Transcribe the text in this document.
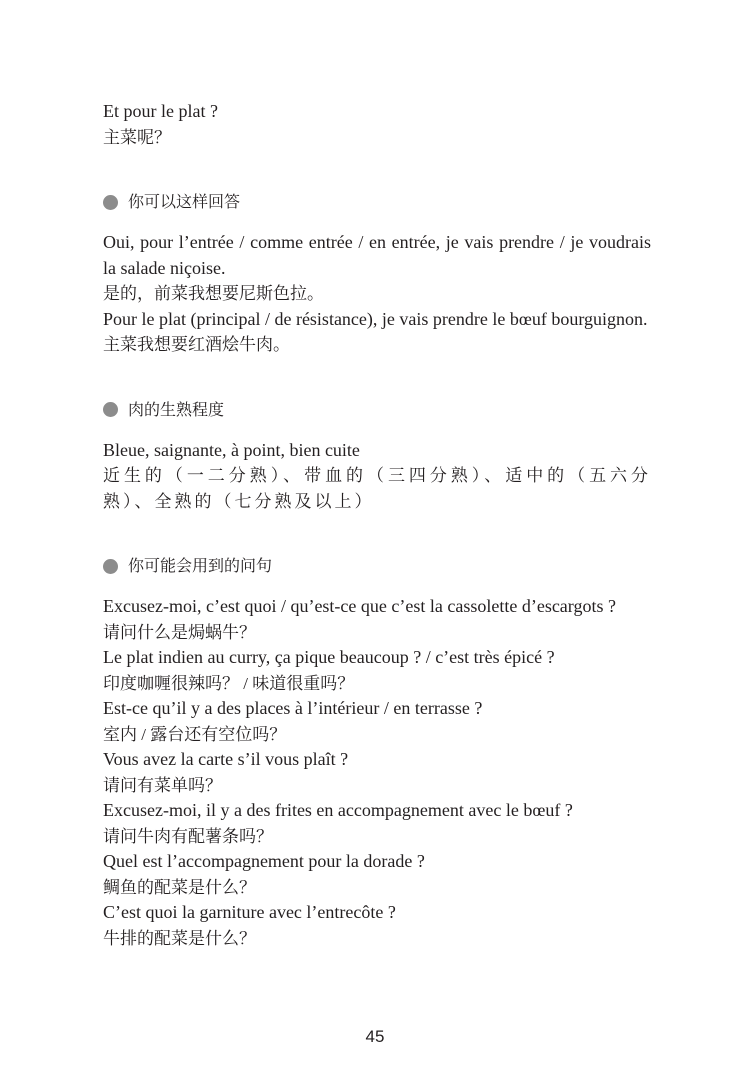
Et pour le plat ?

主菜呢？

你可以这样回答

Oui, pour l’entrée / comme entrée / en entrée, je vais prendre / je voudrais la salade niçoise.

是的，前菜我想要尼斯色拉。

Pour le plat (principal / de résistance), je vais prendre le bœuf bourguignon.

主菜我想要红酒烩牛肉。

肉的生熟程度

Bleue, saignante, à point, bien cuite

近生的（一二分熟）、带血的（三四分熟）、适中的（五六分熟）、全熟的（七分熟及以上）

你可能会用到的问句

Excusez-moi, c’est quoi / qu’est-ce que c’est la cassolette d’escargots ?

请问什么是焗蜗牛？

Le plat indien au curry, ça pique beaucoup ? / c’est très épicé ?

印度咖喱很辣吗？ / 味道很重吗？

Est-ce qu’il y a des places à l’intérieur / en terrasse ?

室内 / 露台还有空位吗？

Vous avez la carte s’il vous plaît ?

请问有菜单吗？

Excusez-moi, il y a des frites en accompagnement avec le bœuf ?

请问牛肉有配薯条吗？

Quel est l’accompagnement pour la dorade ?

鲷鱼的配菜是什么？

C’est quoi la garniture avec l’entrecôte ?

牛排的配菜是什么？

45
